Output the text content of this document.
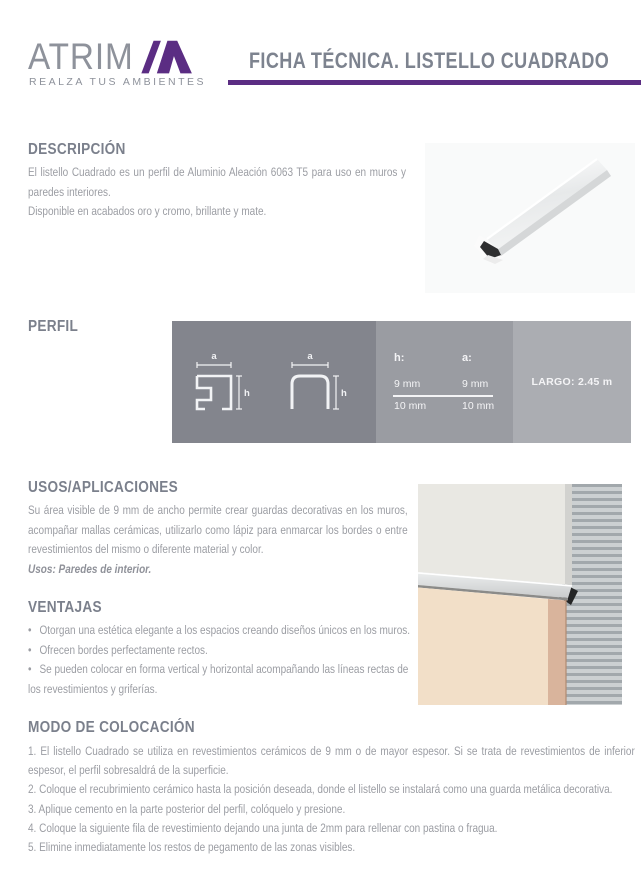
ATRIM
REALZA TUS AMBIENTES
FICHA TÉCNICA. LISTELLO CUADRADO
DESCRIPCIÓN

El listello Cuadrado es un perfil de Aluminio Aleación 6063 T5 para uso en muros y paredes interiores.

Disponible en acabados oro y cromo, brillante y mate.

PERFIL
a
h
a
h
h:	a:
9 mm	9 mm
10 mm	10 mm
LARGO: 2.45 m
USOS/APLICACIONES

Su área visible de 9 mm de ancho permite crear guardas decorativas en los muros, acompañar mallas cerámicas, utilizarlo como lápiz para enmarcar los bordes o entre revestimientos del mismo o diferente material y color.

Usos: Paredes de interior.

VENTAJAS
• Otorgan una estética elegante a los espacios creando diseños únicos en los muros.
• Ofrecen bordes perfectamente rectos.
• Se pueden colocar en forma vertical y horizontal acompañando las líneas rectas de los revestimientos y griferías.
MODO DE COLOCACIÓN
1. El listello Cuadrado se utiliza en revestimientos cerámicos de 9 mm o de mayor espesor. Si se trata de revestimientos de inferior espesor, el perfil sobresaldrá de la superficie.
2. Coloque el recubrimiento cerámico hasta la posición deseada, donde el listello se instalará como una guarda metálica decorativa.
3. Aplique cemento en la parte posterior del perfil, colóquelo y presione.
4. Coloque la siguiente fila de revestimiento dejando una junta de 2mm para rellenar con pastina o fragua.
5. Elimine inmediatamente los restos de pegamento de las zonas visibles.
